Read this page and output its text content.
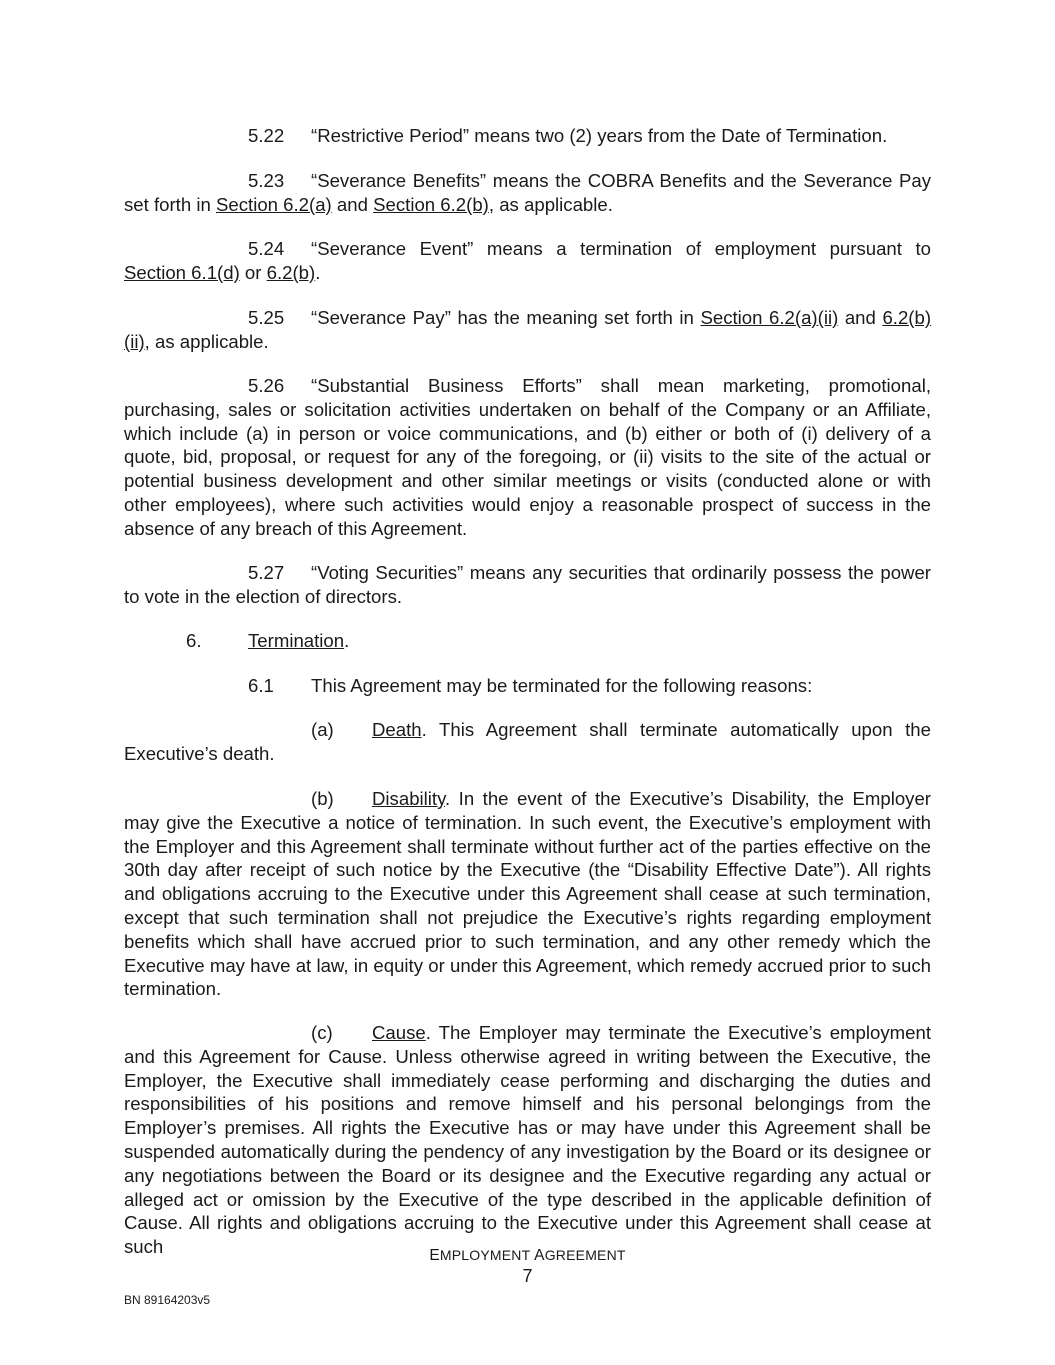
5.22 “Restrictive Period” means two (2) years from the Date of Termination.

5.23 “Severance Benefits” means the COBRA Benefits and the Severance Pay set forth in Section 6.2(a) and Section 6.2(b), as applicable.

5.24 “Severance Event” means a termination of employment pursuant to Section 6.1(d) or 6.2(b).

5.25 “Severance Pay” has the meaning set forth in Section 6.2(a)(ii) and 6.2(b)(ii), as applicable.

5.26 “Substantial Business Efforts” shall mean marketing, promotional, purchasing, sales or solicitation activities undertaken on behalf of the Company or an Affiliate, which include (a) in person or voice communications, and (b) either or both of (i) delivery of a quote, bid, proposal, or request for any of the foregoing, or (ii) visits to the site of the actual or potential business development and other similar meetings or visits (conducted alone or with other employees), where such activities would enjoy a reasonable prospect of success in the absence of any breach of this Agreement.

5.27 “Voting Securities” means any securities that ordinarily possess the power to vote in the election of directors.

6. Termination.

6.1 This Agreement may be terminated for the following reasons:

(a) Death. This Agreement shall terminate automatically upon the Executive’s death.

(b) Disability. In the event of the Executive’s Disability, the Employer may give the Executive a notice of termination. In such event, the Executive’s employment with the Employer and this Agreement shall terminate without further act of the parties effective on the 30th day after receipt of such notice by the Executive (the “Disability Effective Date”). All rights and obligations accruing to the Executive under this Agreement shall cease at such termination, except that such termination shall not prejudice the Executive’s rights regarding employment benefits which shall have accrued prior to such termination, and any other remedy which the Executive may have at law, in equity or under this Agreement, which remedy accrued prior to such termination.

(c) Cause. The Employer may terminate the Executive’s employment and this Agreement for Cause. Unless otherwise agreed in writing between the Executive, the Employer, the Executive shall immediately cease performing and discharging the duties and responsibilities of his positions and remove himself and his personal belongings from the Employer’s premises. All rights the Executive has or may have under this Agreement shall be suspended automatically during the pendency of any investigation by the Board or its designee or any negotiations between the Board or its designee and the Executive regarding any actual or alleged act or omission by the Executive of the type described in the applicable definition of Cause. All rights and obligations accruing to the Executive under this Agreement shall cease at such	EMPLOYMENT AGREEMENT
7
BN 89164203v5
